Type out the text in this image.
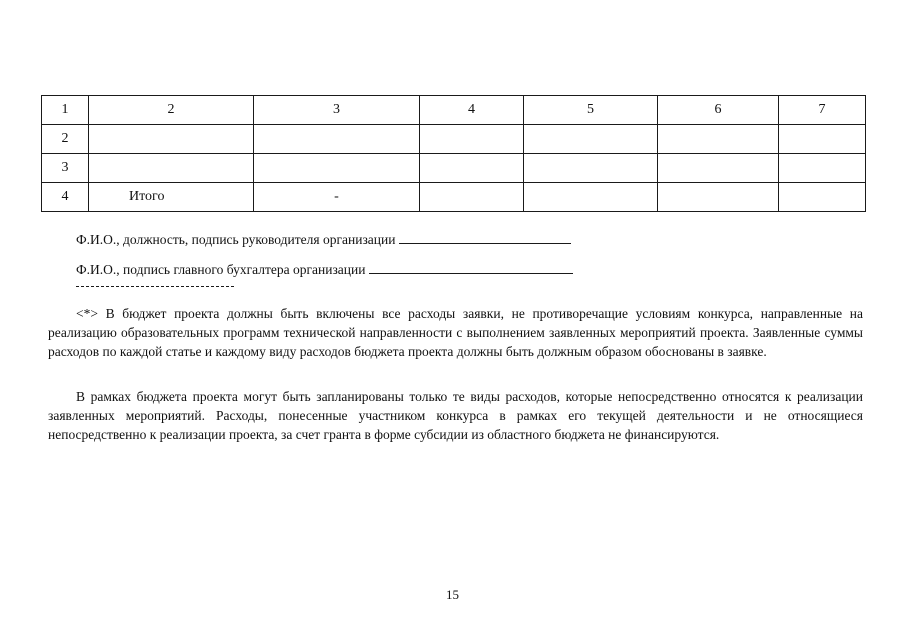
1	2	3	4	5	6	7
2						
3						
4	Итого	-				
Ф.И.О., должность, подпись руководителя организации
Ф.И.О., подпись главного бухгалтера организации

<*> В бюджет проекта должны быть включены все расходы заявки, не противоречащие условиям конкурса, направленные на реализацию образовательных программ технической направленности с выполнением заявленных мероприятий проекта. Заявленные суммы расходов по каждой статье и каждому виду расходов бюджета проекта должны быть должным образом обоснованы в заявке.

В рамках бюджета проекта могут быть запланированы только те виды расходов, которые непосредственно относятся к реализации заявленных мероприятий. Расходы, понесенные участником конкурса в рамках его текущей деятельности и не относящиеся непосредственно к реализации проекта, за счет гранта в форме субсидии из областного бюджета не финансируются.

15
